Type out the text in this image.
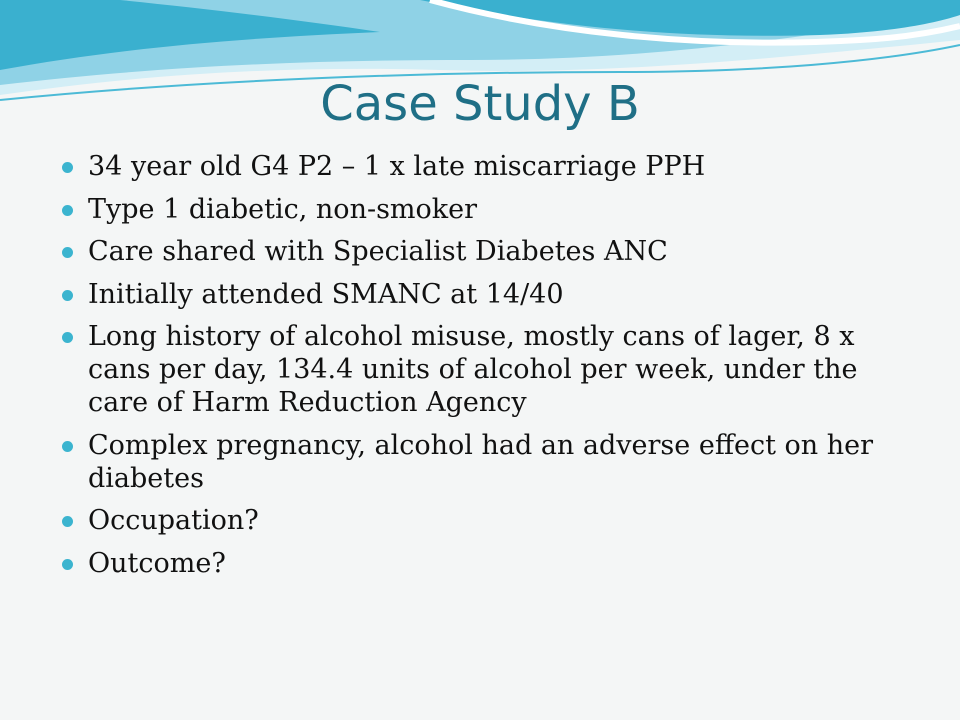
Case Study B
34 year old G4 P2 – 1 x late miscarriage PPH
Type 1 diabetic, non-smoker
Care shared with Specialist Diabetes ANC
Initially attended SMANC at 14/40
Long history of alcohol misuse, mostly cans of lager, 8 x cans per day, 134.4 units of alcohol per week, under the care of Harm Reduction Agency
Complex pregnancy, alcohol had an adverse effect on her diabetes
Occupation?
Outcome?
